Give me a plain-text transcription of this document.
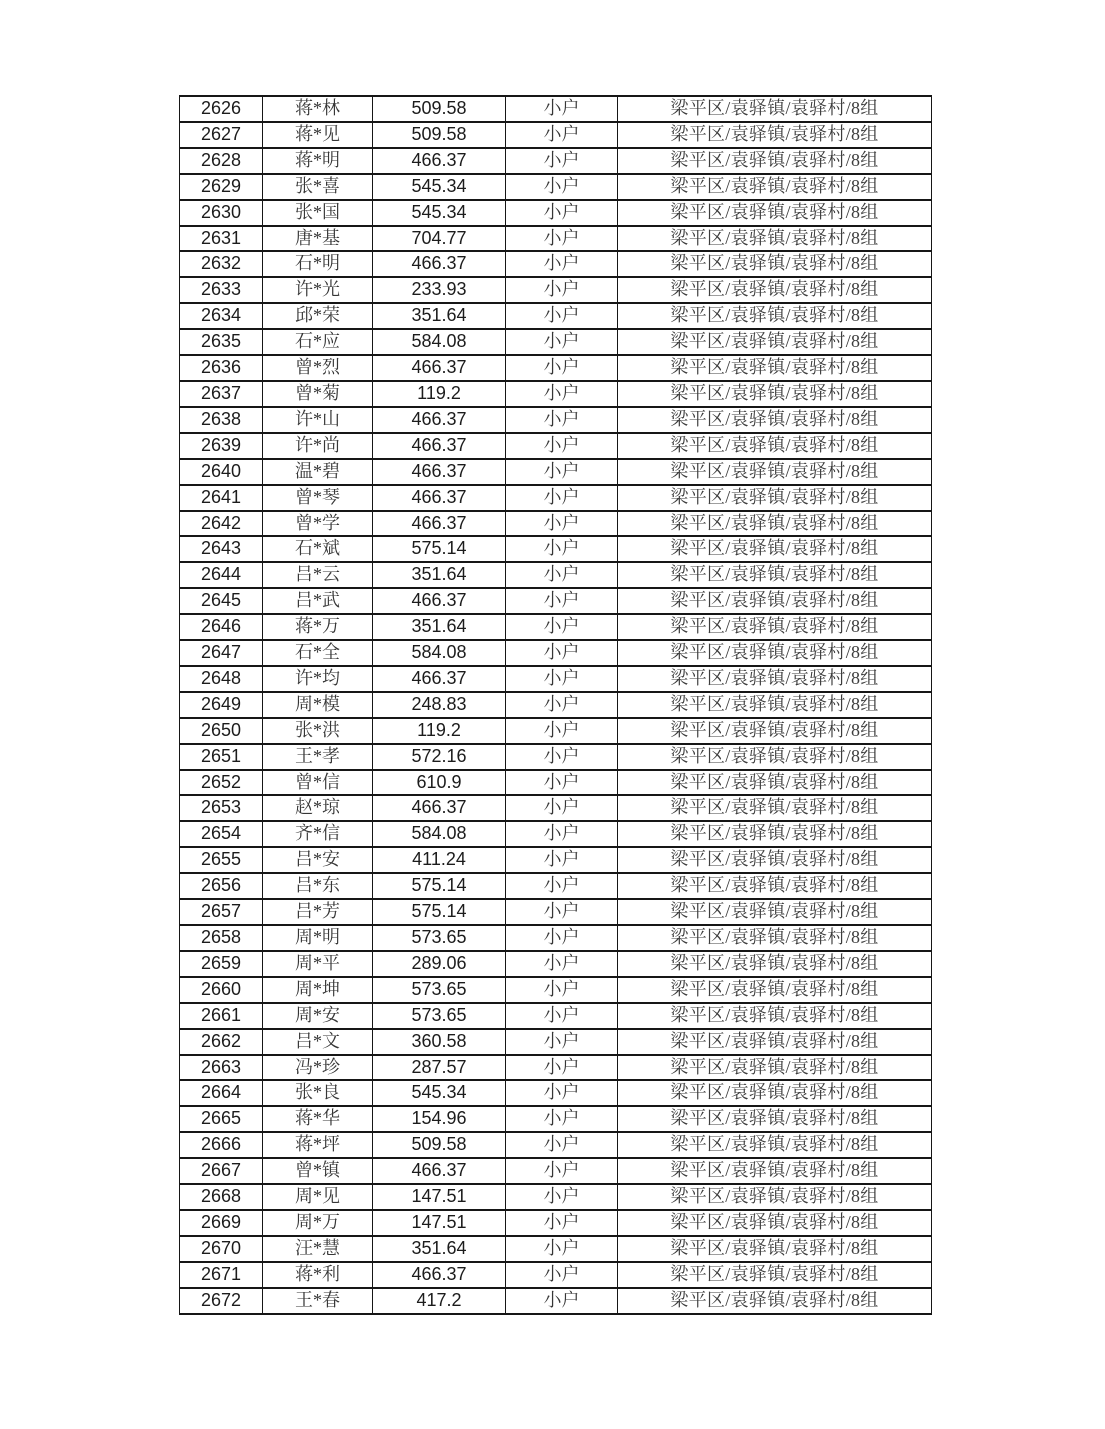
2626	蒋*林	509.58	小户	梁平区/袁驿镇/袁驿村/8组
2627	蒋*见	509.58	小户	梁平区/袁驿镇/袁驿村/8组
2628	蒋*明	466.37	小户	梁平区/袁驿镇/袁驿村/8组
2629	张*喜	545.34	小户	梁平区/袁驿镇/袁驿村/8组
2630	张*国	545.34	小户	梁平区/袁驿镇/袁驿村/8组
2631	唐*基	704.77	小户	梁平区/袁驿镇/袁驿村/8组
2632	石*明	466.37	小户	梁平区/袁驿镇/袁驿村/8组
2633	许*光	233.93	小户	梁平区/袁驿镇/袁驿村/8组
2634	邱*荣	351.64	小户	梁平区/袁驿镇/袁驿村/8组
2635	石*应	584.08	小户	梁平区/袁驿镇/袁驿村/8组
2636	曾*烈	466.37	小户	梁平区/袁驿镇/袁驿村/8组
2637	曾*菊	119.2	小户	梁平区/袁驿镇/袁驿村/8组
2638	许*山	466.37	小户	梁平区/袁驿镇/袁驿村/8组
2639	许*尚	466.37	小户	梁平区/袁驿镇/袁驿村/8组
2640	温*碧	466.37	小户	梁平区/袁驿镇/袁驿村/8组
2641	曾*琴	466.37	小户	梁平区/袁驿镇/袁驿村/8组
2642	曾*学	466.37	小户	梁平区/袁驿镇/袁驿村/8组
2643	石*斌	575.14	小户	梁平区/袁驿镇/袁驿村/8组
2644	吕*云	351.64	小户	梁平区/袁驿镇/袁驿村/8组
2645	吕*武	466.37	小户	梁平区/袁驿镇/袁驿村/8组
2646	蒋*万	351.64	小户	梁平区/袁驿镇/袁驿村/8组
2647	石*全	584.08	小户	梁平区/袁驿镇/袁驿村/8组
2648	许*均	466.37	小户	梁平区/袁驿镇/袁驿村/8组
2649	周*模	248.83	小户	梁平区/袁驿镇/袁驿村/8组
2650	张*洪	119.2	小户	梁平区/袁驿镇/袁驿村/8组
2651	王*孝	572.16	小户	梁平区/袁驿镇/袁驿村/8组
2652	曾*信	610.9	小户	梁平区/袁驿镇/袁驿村/8组
2653	赵*琼	466.37	小户	梁平区/袁驿镇/袁驿村/8组
2654	齐*信	584.08	小户	梁平区/袁驿镇/袁驿村/8组
2655	吕*安	411.24	小户	梁平区/袁驿镇/袁驿村/8组
2656	吕*东	575.14	小户	梁平区/袁驿镇/袁驿村/8组
2657	吕*芳	575.14	小户	梁平区/袁驿镇/袁驿村/8组
2658	周*明	573.65	小户	梁平区/袁驿镇/袁驿村/8组
2659	周*平	289.06	小户	梁平区/袁驿镇/袁驿村/8组
2660	周*坤	573.65	小户	梁平区/袁驿镇/袁驿村/8组
2661	周*安	573.65	小户	梁平区/袁驿镇/袁驿村/8组
2662	吕*文	360.58	小户	梁平区/袁驿镇/袁驿村/8组
2663	冯*珍	287.57	小户	梁平区/袁驿镇/袁驿村/8组
2664	张*良	545.34	小户	梁平区/袁驿镇/袁驿村/8组
2665	蒋*华	154.96	小户	梁平区/袁驿镇/袁驿村/8组
2666	蒋*坪	509.58	小户	梁平区/袁驿镇/袁驿村/8组
2667	曾*镇	466.37	小户	梁平区/袁驿镇/袁驿村/8组
2668	周*见	147.51	小户	梁平区/袁驿镇/袁驿村/8组
2669	周*万	147.51	小户	梁平区/袁驿镇/袁驿村/8组
2670	汪*慧	351.64	小户	梁平区/袁驿镇/袁驿村/8组
2671	蒋*利	466.37	小户	梁平区/袁驿镇/袁驿村/8组
2672	王*春	417.2	小户	梁平区/袁驿镇/袁驿村/8组
